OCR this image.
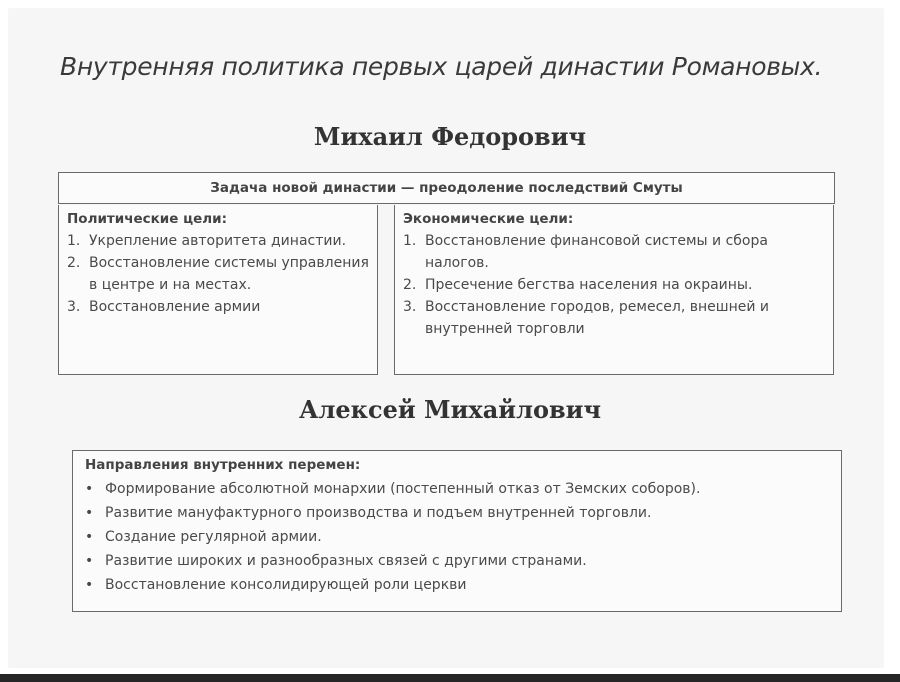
Внутренняя политика первых царей династии Романовых.
Михаил Федорович
Задача новой династии — преодоление последствий Смуты
Политические цели:
1. Укрепление авторитета династии.
2. Восстановление системы управления в центре и на местах.
3. Восстановление армии
Экономические цели:
1. Восстановление финансовой системы и сбора налогов.
2. Пресечение бегства населения на окраины.
3. Восстановление городов, ремесел, внешней и внутренней торговли
Алексей Михайлович
Направления внутренних перемен:
• Формирование абсолютной монархии (постепенный отказ от Земских соборов).
• Развитие мануфактурного производства и подъем внутренней торговли.
• Создание регулярной армии.
• Развитие широких и разнообразных связей с другими странами.
• Восстановление консолидирующей роли церкви
